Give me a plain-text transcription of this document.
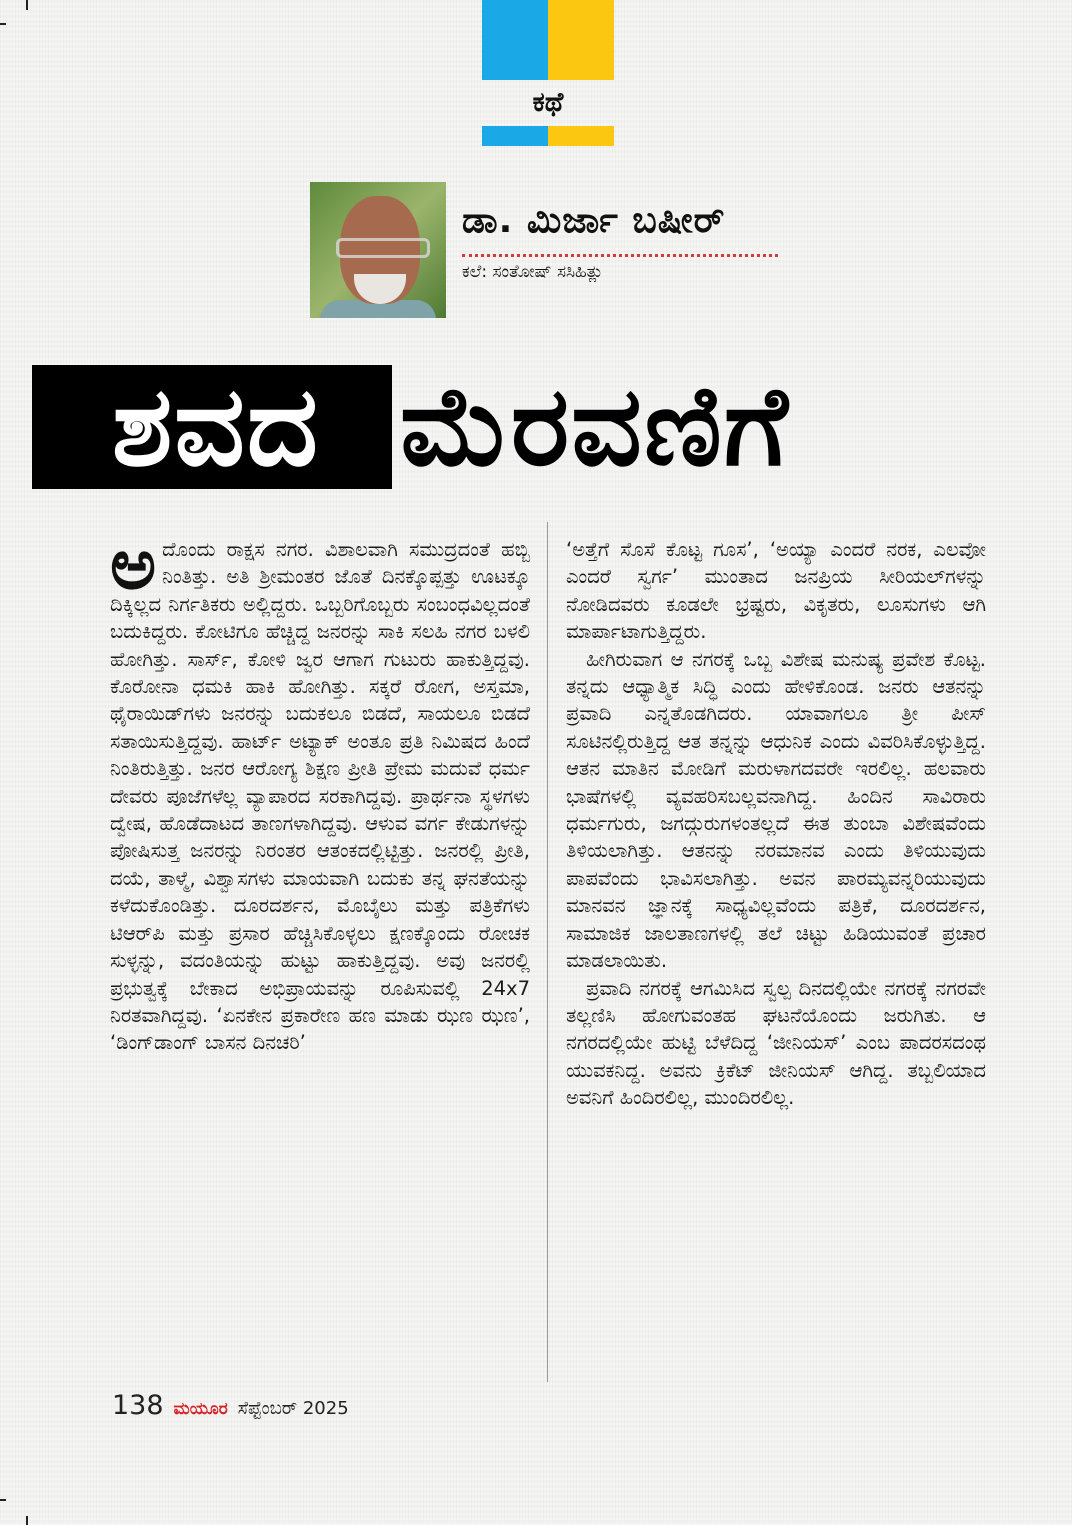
ಕಥೆ
ಡಾ. ಮಿರ್ಜಾ ಬಷೀರ್
ಕಲೆ: ಸಂತೋಷ್ ಸಸಿಹಿತ್ಲು
ಶವದ ಮೆರವಣಿಗೆ

ಅದೊಂದು ರಾಕ್ಷಸ ನಗರ. ವಿಶಾಲವಾಗಿ ಸಮುದ್ರದಂತೆ ಹಬ್ಬಿ ನಿಂತಿತ್ತು. ಅತಿ ಶ್ರೀಮಂತರ ಜೊತೆ ದಿನಕ್ಕೊಪ್ಪತ್ತು ಊಟಕ್ಕೂ ದಿಕ್ಕಿಲ್ಲದ ನಿರ್ಗತಿಕರು ಅಲ್ಲಿದ್ದರು. ಒಬ್ಬರಿಗೊಬ್ಬರು ಸಂಬಂಧವಿಲ್ಲದಂತೆ ಬದುಕಿದ್ದರು. ಕೋಟಿಗೂ ಹೆಚ್ಚಿದ್ದ ಜನರನ್ನು ಸಾಕಿ ಸಲಹಿ ನಗರ ಬಳಲಿ ಹೋಗಿತ್ತು. ಸಾರ್ಸ್, ಕೋಳಿ ಜ್ವರ ಆಗಾಗ ಗುಟುರು ಹಾಕುತ್ತಿದ್ದವು. ಕೊರೋನಾ ಧಮಕಿ ಹಾಕಿ ಹೋಗಿತ್ತು. ಸಕ್ಕರೆ ರೋಗ, ಅಸ್ತಮಾ, ಥೈರಾಯಿಡ್‌ಗಳು ಜನರನ್ನು ಬದುಕಲೂ ಬಿಡದೆ, ಸಾಯಲೂ ಬಿಡದೆ ಸತಾಯಿಸುತ್ತಿದ್ದವು. ಹಾರ್ಟ್ ಅಟ್ಯಾಕ್ ಅಂತೂ ಪ್ರತಿ ನಿಮಿಷದ ಹಿಂದೆ ನಿಂತಿರುತ್ತಿತ್ತು. ಜನರ ಆರೋಗ್ಯ ಶಿಕ್ಷಣ ಪ್ರೀತಿ ಪ್ರೇಮ ಮದುವೆ ಧರ್ಮ ದೇವರು ಪೂಜೆಗಳೆಲ್ಲ ವ್ಯಾಪಾರದ ಸರಕಾಗಿದ್ದವು. ಪ್ರಾರ್ಥನಾ ಸ್ಥಳಗಳು ದ್ವೇಷ, ಹೊಡೆದಾಟದ ತಾಣಗಳಾಗಿದ್ದವು. ಆಳುವ ವರ್ಗ ಕೇಡುಗಳನ್ನು ಪೋಷಿಸುತ್ತ ಜನರನ್ನು ನಿರಂತರ ಆತಂಕದಲ್ಲಿಟ್ಟಿತ್ತು. ಜನರಲ್ಲಿ ಪ್ರೀತಿ, ದಯೆ, ತಾಳ್ಮೆ, ವಿಶ್ವಾಸಗಳು ಮಾಯವಾಗಿ ಬದುಕು ತನ್ನ ಘನತೆಯನ್ನು ಕಳೆದುಕೊಂಡಿತ್ತು. ದೂರದರ್ಶನ, ಮೊಬೈಲು ಮತ್ತು ಪತ್ರಿಕೆಗಳು ಟಿಆರ್‌ಪಿ ಮತ್ತು ಪ್ರಸಾರ ಹೆಚ್ಚಿಸಿಕೊಳ್ಳಲು ಕ್ಷಣಕ್ಕೊಂದು ರೋಚಕ ಸುಳ್ಳನ್ನು, ವದಂತಿಯನ್ನು ಹುಟ್ಟು ಹಾಕುತ್ತಿದ್ದವು. ಅವು ಜನರಲ್ಲಿ ಪ್ರಭುತ್ವಕ್ಕೆ ಬೇಕಾದ ಅಭಿಪ್ರಾಯವನ್ನು ರೂಪಿಸುವಲ್ಲಿ 24x7 ನಿರತವಾಗಿದ್ದವು. ‘ಏನಕೇನ ಪ್ರಕಾರೇಣ ಹಣ ಮಾಡು ಝಣ ಝಣ’, ‘ಡಿಂಗ್‌ಡಾಂಗ್ ಬಾಸನ ದಿನಚರಿ’

‘ಅತ್ತೆಗೆ ಸೊಸೆ ಕೊಟ್ಟ ಗೂಸ’, ‘ಅಯ್ಯಾ ಎಂದರೆ ನರಕ, ಎಲವೋ ಎಂದರೆ ಸ್ವರ್ಗ’ ಮುಂತಾದ ಜನಪ್ರಿಯ ಸೀರಿಯಲ್‌ಗಳನ್ನು ನೋಡಿದವರು ಕೂಡಲೇ ಭ್ರಷ್ಟರು, ವಿಕೃತರು, ಲೂಸುಗಳು ಆಗಿ ಮಾರ್ಪಾಟಾಗುತ್ತಿದ್ದರು.

ಹೀಗಿರುವಾಗ ಆ ನಗರಕ್ಕೆ ಒಬ್ಬ ವಿಶೇಷ ಮನುಷ್ಯ ಪ್ರವೇಶ ಕೊಟ್ಟ. ತನ್ನದು ಆಧ್ಯಾತ್ಮಿಕ ಸಿದ್ಧಿ ಎಂದು ಹೇಳಿಕೊಂಡ. ಜನರು ಆತನನ್ನು ಪ್ರವಾದಿ ಎನ್ನತೊಡಗಿದರು. ಯಾವಾಗಲೂ ತ್ರೀ ಪೀಸ್ ಸೂಟಿನಲ್ಲಿರುತ್ತಿದ್ದ ಆತ ತನ್ನನ್ನು ಆಧುನಿಕ ಎಂದು ವಿವರಿಸಿಕೊಳ್ಳುತ್ತಿದ್ದ. ಆತನ ಮಾತಿನ ಮೋಡಿಗೆ ಮರುಳಾಗದವರೇ ಇರಲಿಲ್ಲ. ಹಲವಾರು ಭಾಷೆಗಳಲ್ಲಿ ವ್ಯವಹರಿಸಬಲ್ಲವನಾಗಿದ್ದ. ಹಿಂದಿನ ಸಾವಿರಾರು ಧರ್ಮಗುರು, ಜಗದ್ಗುರುಗಳಂತಲ್ಲದೆ ಈತ ತುಂಬಾ ವಿಶೇಷವೆಂದು ತಿಳಿಯಲಾಗಿತ್ತು. ಆತನನ್ನು ನರಮಾನವ ಎಂದು ತಿಳಿಯುವುದು ಪಾಪವೆಂದು ಭಾವಿಸಲಾಗಿತ್ತು. ಅವನ ಪಾರಮ್ಯವನ್ನರಿಯುವುದು ಮಾನವನ ಜ್ಞಾನಕ್ಕೆ ಸಾಧ್ಯವಿಲ್ಲವೆಂದು ಪತ್ರಿಕೆ, ದೂರದರ್ಶನ, ಸಾಮಾಜಿಕ ಜಾಲತಾಣಗಳಲ್ಲಿ ತಲೆ ಚಿಟ್ಟು ಹಿಡಿಯುವಂತೆ ಪ್ರಚಾರ ಮಾಡಲಾಯಿತು.

ಪ್ರವಾದಿ ನಗರಕ್ಕೆ ಆಗಮಿಸಿದ ಸ್ವಲ್ಪ ದಿನದಲ್ಲಿಯೇ ನಗರಕ್ಕೆ ನಗರವೇ ತಲ್ಲಣಿಸಿ ಹೋಗುವಂತಹ ಘಟನೆಯೊಂದು ಜರುಗಿತು. ಆ ನಗರದಲ್ಲಿಯೇ ಹುಟ್ಟಿ ಬೆಳೆದಿದ್ದ ‘ಜೀನಿಯಸ್’ ಎಂಬ ಪಾದರಸದಂಥ ಯುವಕನಿದ್ದ. ಅವನು ಕ್ರಿಕೆಟ್ ಜೀನಿಯಸ್ ಆಗಿದ್ದ. ತಬ್ಬಲಿಯಾದ ಅವನಿಗೆ ಹಿಂದಿರಲಿಲ್ಲ, ಮುಂದಿರಲಿಲ್ಲ.

138 ಮಯೂರ ಸೆಪ್ಟೆಂಬರ್ 2025
